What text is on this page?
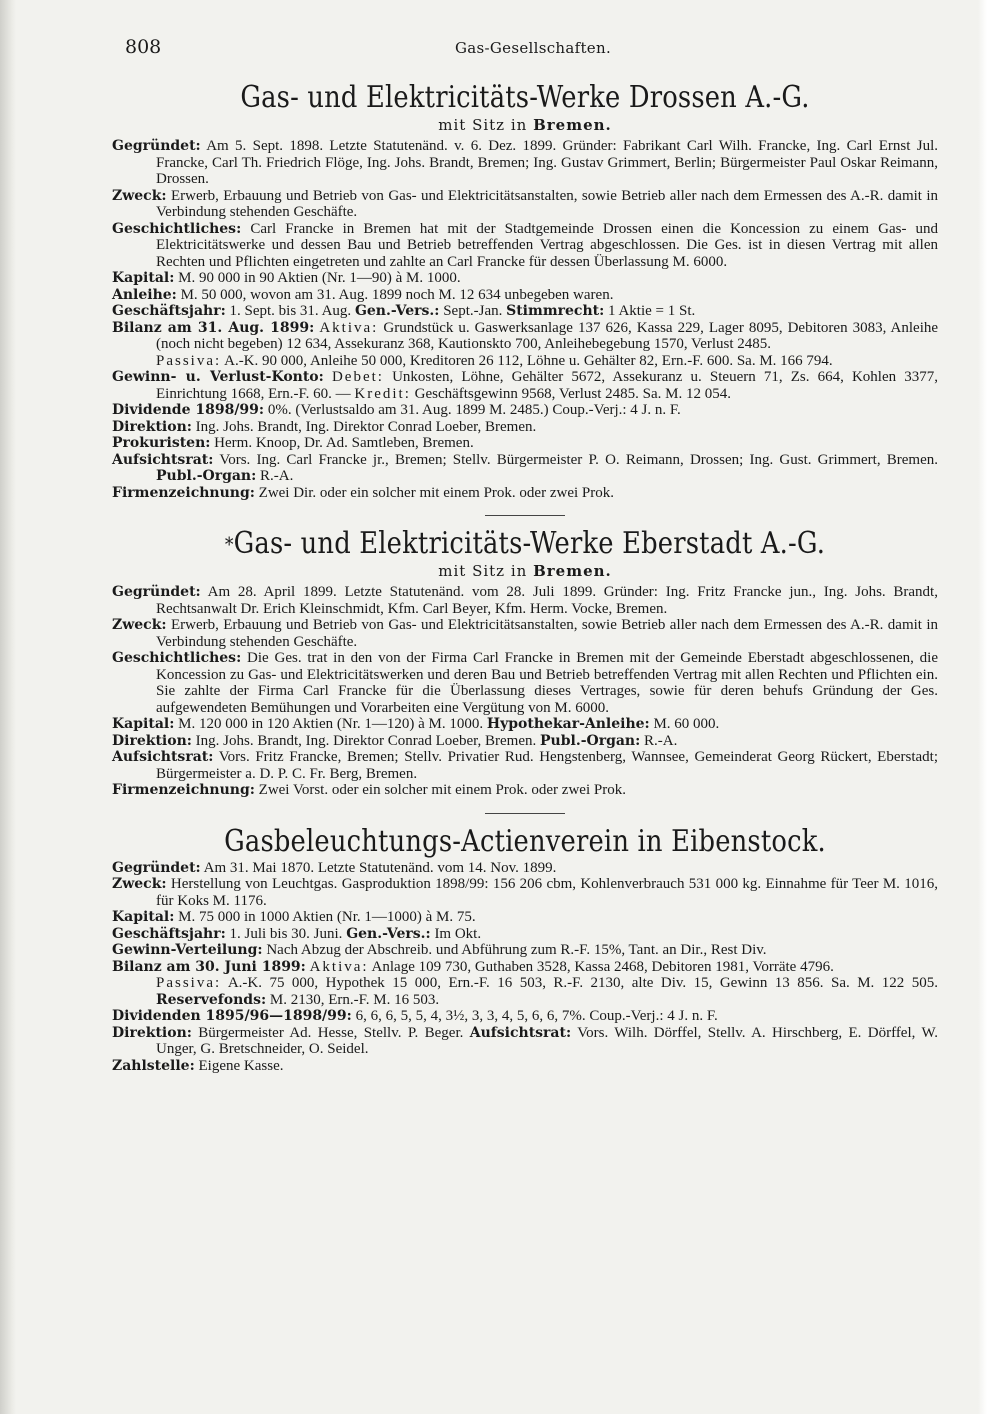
808	Gas-Gesellschaften.
Gas- und Elektricitäts-Werke Drossen A.-G.

mit Sitz in Bremen.

Gegründet: Am 5. Sept. 1898. Letzte Statutenänd. v. 6. Dez. 1899. Gründer: Fabrikant Carl Wilh. Francke, Ing. Carl Ernst Jul. Francke, Carl Th. Friedrich Flöge, Ing. Johs. Brandt, Bremen; Ing. Gustav Grimmert, Berlin; Bürgermeister Paul Oskar Reimann, Drossen.

Zweck: Erwerb, Erbauung und Betrieb von Gas- und Elektricitätsanstalten, sowie Betrieb aller nach dem Ermessen des A.-R. damit in Verbindung stehenden Geschäfte.

Geschichtliches: Carl Francke in Bremen hat mit der Stadtgemeinde Drossen einen die Koncession zu einem Gas- und Elektricitätswerke und dessen Bau und Betrieb betreffenden Vertrag abgeschlossen. Die Ges. ist in diesen Vertrag mit allen Rechten und Pflichten eingetreten und zahlte an Carl Francke für dessen Überlassung M. 6000.

Kapital: M. 90 000 in 90 Aktien (Nr. 1—90) à M. 1000.

Anleihe: M. 50 000, wovon am 31. Aug. 1899 noch M. 12 634 unbegeben waren.

Geschäftsjahr: 1. Sept. bis 31. Aug. Gen.-Vers.: Sept.-Jan. Stimmrecht: 1 Aktie = 1 St.

Bilanz am 31. Aug. 1899: Aktiva: Grundstück u. Gaswerksanlage 137 626, Kassa 229, Lager 8095, Debitoren 3083, Anleihe (noch nicht begeben) 12 634, Assekuranz 368, Kautionskto 700, Anleihebegebung 1570, Verlust 2485.

Passiva: A.-K. 90 000, Anleihe 50 000, Kreditoren 26 112, Löhne u. Gehälter 82, Ern.-F. 600. Sa. M. 166 794.

Gewinn- u. Verlust-Konto: Debet: Unkosten, Löhne, Gehälter 5672, Assekuranz u. Steuern 71, Zs. 664, Kohlen 3377, Einrichtung 1668, Ern.-F. 60. — Kredit: Geschäftsgewinn 9568, Verlust 2485. Sa. M. 12 054.

Dividende 1898/99: 0%. (Verlustsaldo am 31. Aug. 1899 M. 2485.) Coup.-Verj.: 4 J. n. F.

Direktion: Ing. Johs. Brandt, Ing. Direktor Conrad Loeber, Bremen.

Prokuristen: Herm. Knoop, Dr. Ad. Samtleben, Bremen.

Aufsichtsrat: Vors. Ing. Carl Francke jr., Bremen; Stellv. Bürgermeister P. O. Reimann, Drossen; Ing. Gust. Grimmert, Bremen. Publ.-Organ: R.-A.

Firmenzeichnung: Zwei Dir. oder ein solcher mit einem Prok. oder zwei Prok.

*Gas- und Elektricitäts-Werke Eberstadt A.-G.

mit Sitz in Bremen.

Gegründet: Am 28. April 1899. Letzte Statutenänd. vom 28. Juli 1899. Gründer: Ing. Fritz Francke jun., Ing. Johs. Brandt, Rechtsanwalt Dr. Erich Kleinschmidt, Kfm. Carl Beyer, Kfm. Herm. Vocke, Bremen.

Zweck: Erwerb, Erbauung und Betrieb von Gas- und Elektricitätsanstalten, sowie Betrieb aller nach dem Ermessen des A.-R. damit in Verbindung stehenden Geschäfte.

Geschichtliches: Die Ges. trat in den von der Firma Carl Francke in Bremen mit der Gemeinde Eberstadt abgeschlossenen, die Koncession zu Gas- und Elektricitätswerken und deren Bau und Betrieb betreffenden Vertrag mit allen Rechten und Pflichten ein. Sie zahlte der Firma Carl Francke für die Überlassung dieses Vertrages, sowie für deren behufs Gründung der Ges. aufgewendeten Bemühungen und Vorarbeiten eine Vergütung von M. 6000.

Kapital: M. 120 000 in 120 Aktien (Nr. 1—120) à M. 1000. Hypothekar-Anleihe: M. 60 000.

Direktion: Ing. Johs. Brandt, Ing. Direktor Conrad Loeber, Bremen. Publ.-Organ: R.-A.

Aufsichtsrat: Vors. Fritz Francke, Bremen; Stellv. Privatier Rud. Hengstenberg, Wannsee, Gemeinderat Georg Rückert, Eberstadt; Bürgermeister a. D. P. C. Fr. Berg, Bremen.

Firmenzeichnung: Zwei Vorst. oder ein solcher mit einem Prok. oder zwei Prok.

Gasbeleuchtungs-Actienverein in Eibenstock.

Gegründet: Am 31. Mai 1870. Letzte Statutenänd. vom 14. Nov. 1899.

Zweck: Herstellung von Leuchtgas. Gasproduktion 1898/99: 156 206 cbm, Kohlenverbrauch 531 000 kg. Einnahme für Teer M. 1016, für Koks M. 1176.

Kapital: M. 75 000 in 1000 Aktien (Nr. 1—1000) à M. 75.

Geschäftsjahr: 1. Juli bis 30. Juni. Gen.-Vers.: Im Okt.

Gewinn-Verteilung: Nach Abzug der Abschreib. und Abführung zum R.-F. 15%, Tant. an Dir., Rest Div.

Bilanz am 30. Juni 1899: Aktiva: Anlage 109 730, Guthaben 3528, Kassa 2468, Debitoren 1981, Vorräte 4796.

Passiva: A.-K. 75 000, Hypothek 15 000, Ern.-F. 16 503, R.-F. 2130, alte Div. 15, Gewinn 13 856. Sa. M. 122 505. Reservefonds: M. 2130, Ern.-F. M. 16 503.

Dividenden 1895/96—1898/99: 6, 6, 6, 5, 5, 4, 3½, 3, 3, 4, 5, 6, 6, 7%. Coup.-Verj.: 4 J. n. F.

Direktion: Bürgermeister Ad. Hesse, Stellv. P. Beger. Aufsichtsrat: Vors. Wilh. Dörffel, Stellv. A. Hirschberg, E. Dörffel, W. Unger, G. Bretschneider, O. Seidel.

Zahlstelle: Eigene Kasse.
